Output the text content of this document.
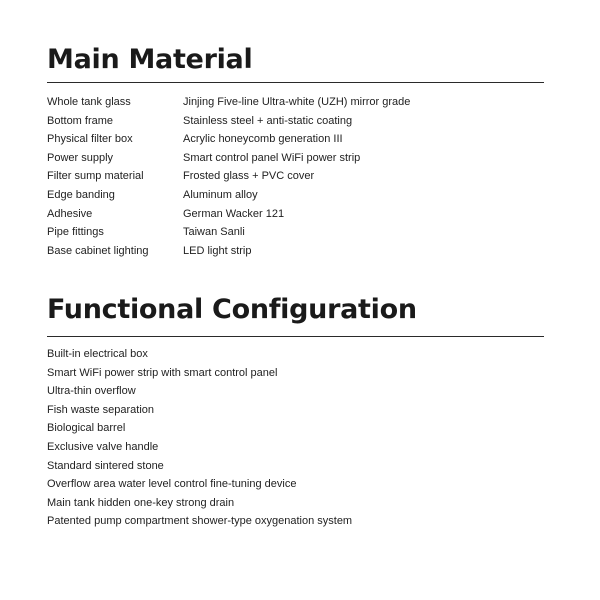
Main Material
Whole tank glass	Jinjing Five-line Ultra-white (UZH) mirror grade
Bottom frame	Stainless steel + anti-static coating
Physical filter box	Acrylic honeycomb generation III
Power supply	Smart control panel WiFi power strip
Filter sump material	Frosted glass + PVC cover
Edge banding	Aluminum alloy
Adhesive	German Wacker 121
Pipe fittings	Taiwan Sanli
Base cabinet lighting	LED light strip
Functional Configuration
Built-in electrical box
Smart WiFi power strip with smart control panel
Ultra-thin overflow
Fish waste separation
Biological barrel
Exclusive valve handle
Standard sintered stone
Overflow area water level control fine-tuning device
Main tank hidden one-key strong drain
Patented pump compartment shower-type oxygenation system
